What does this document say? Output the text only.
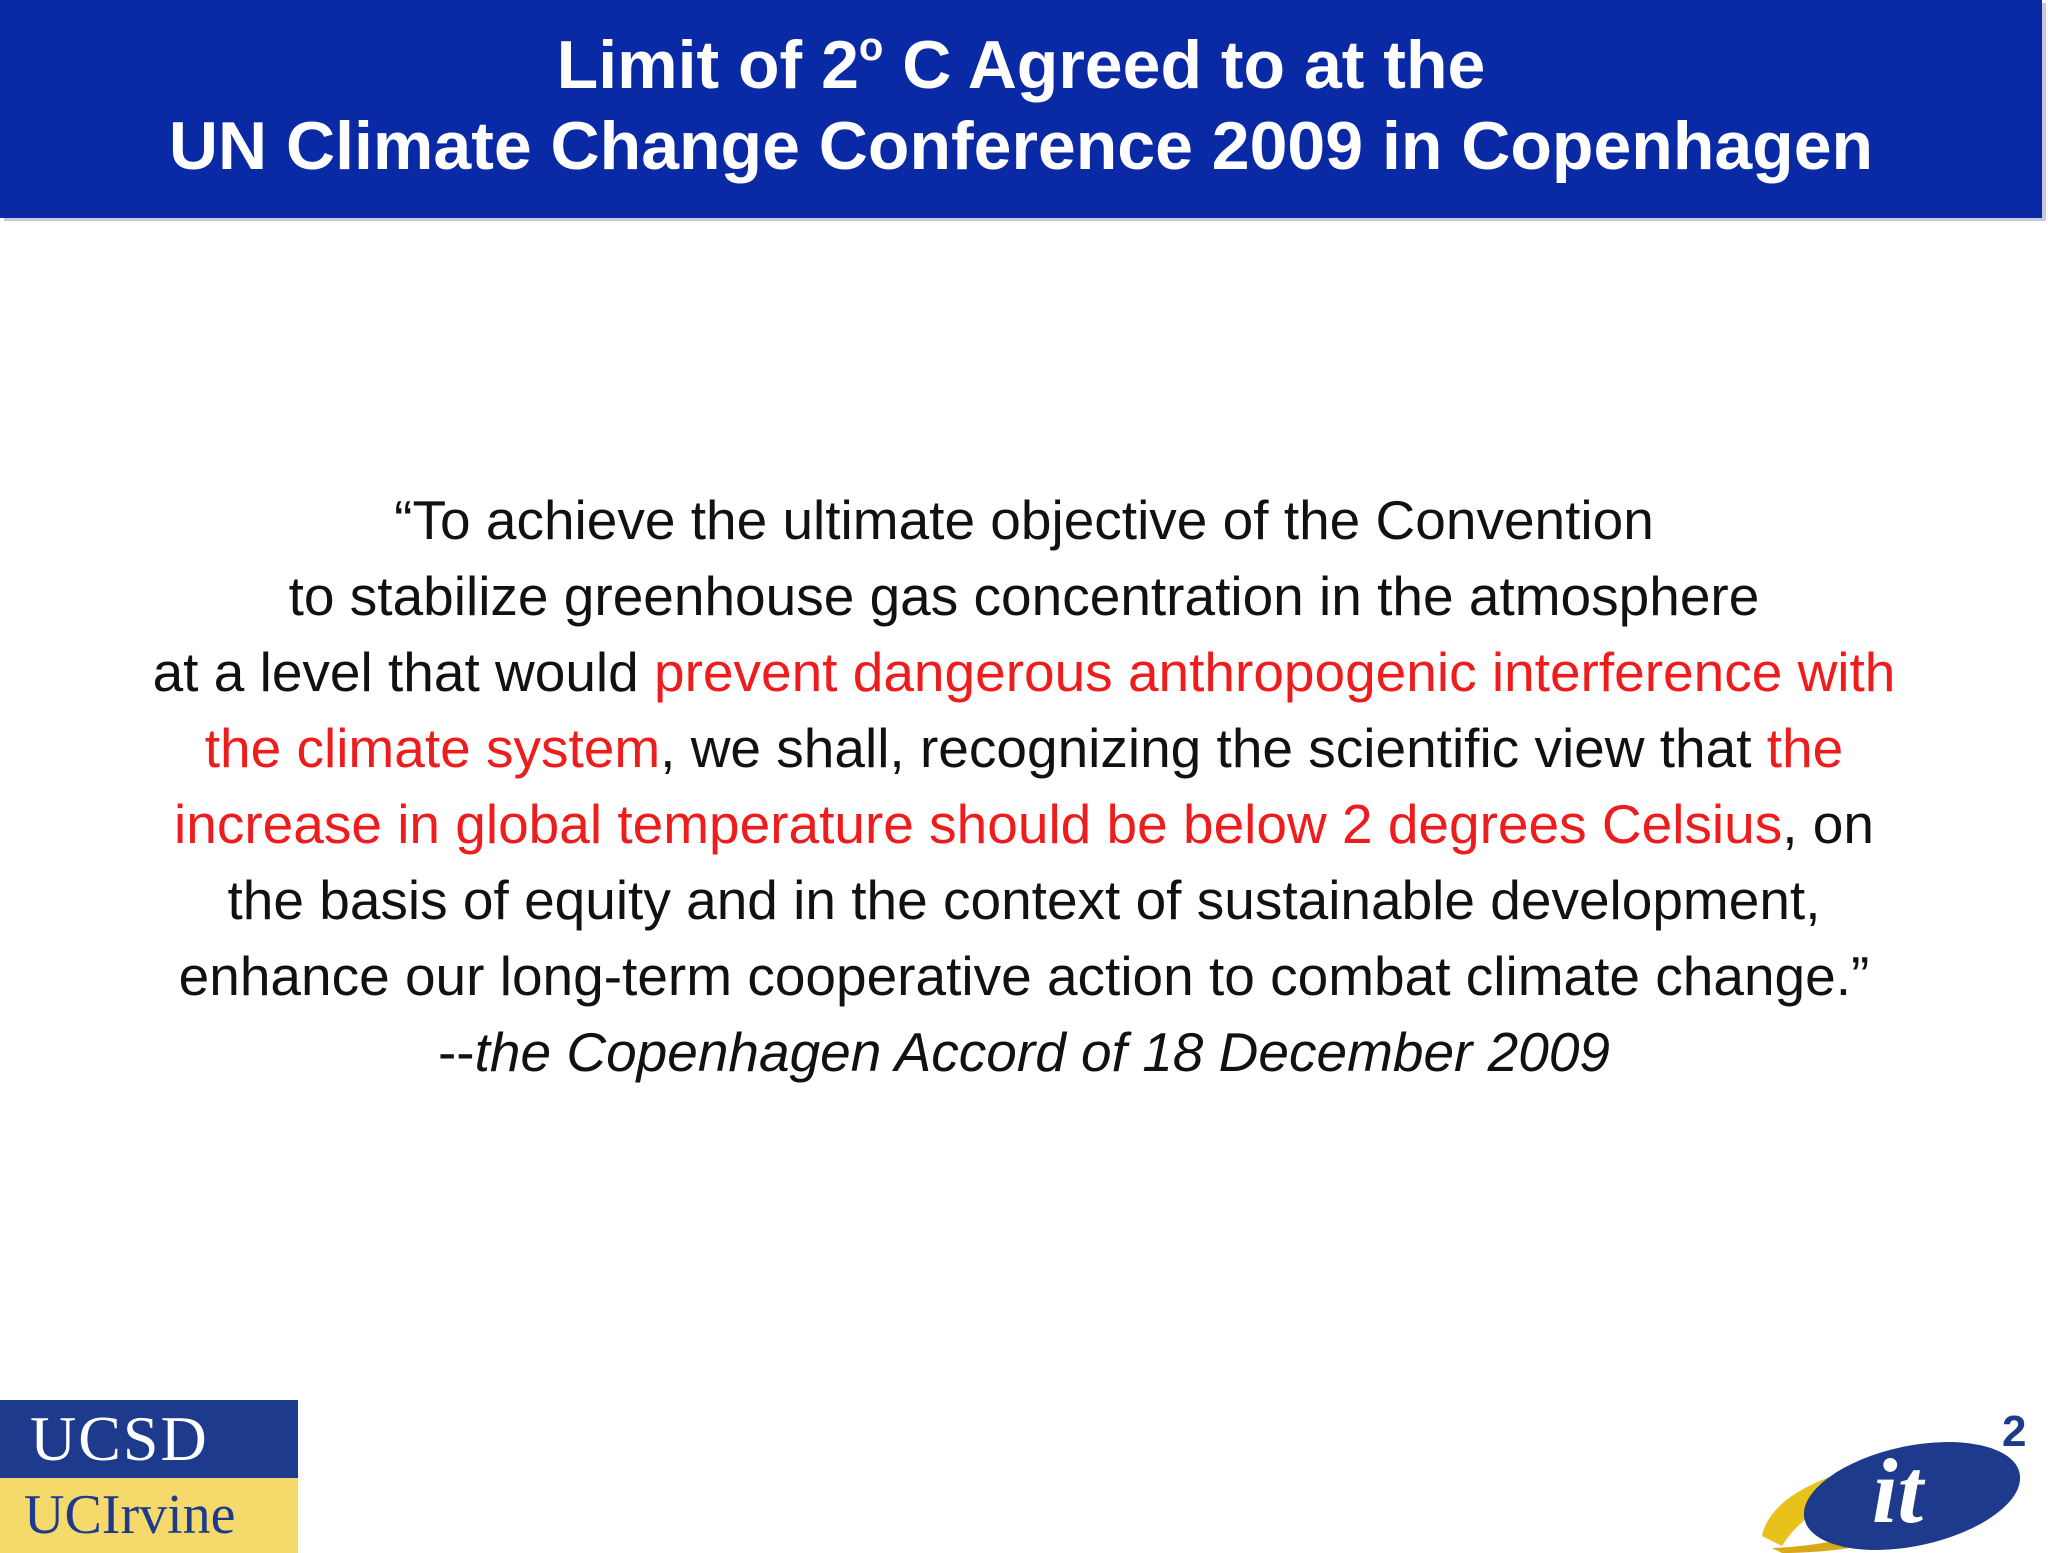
Limit of 2$^o$ C Agreed to at the
UN Climate Change Conference 2009 in Copenhagen
“To achieve the ultimate objective of the Convention
to stabilize greenhouse gas concentration in the atmosphere
at a level that would prevent dangerous anthropogenic interference with
the climate system, we shall, recognizing the scientific view that the
increase in global temperature should be below 2 degrees Celsius, on
the basis of equity and in the context of sustainable development,
enhance our long-term cooperative action to combat climate change.”
--the Copenhagen Accord of 18 December 2009
UCSD
UCIrvine	it
2
